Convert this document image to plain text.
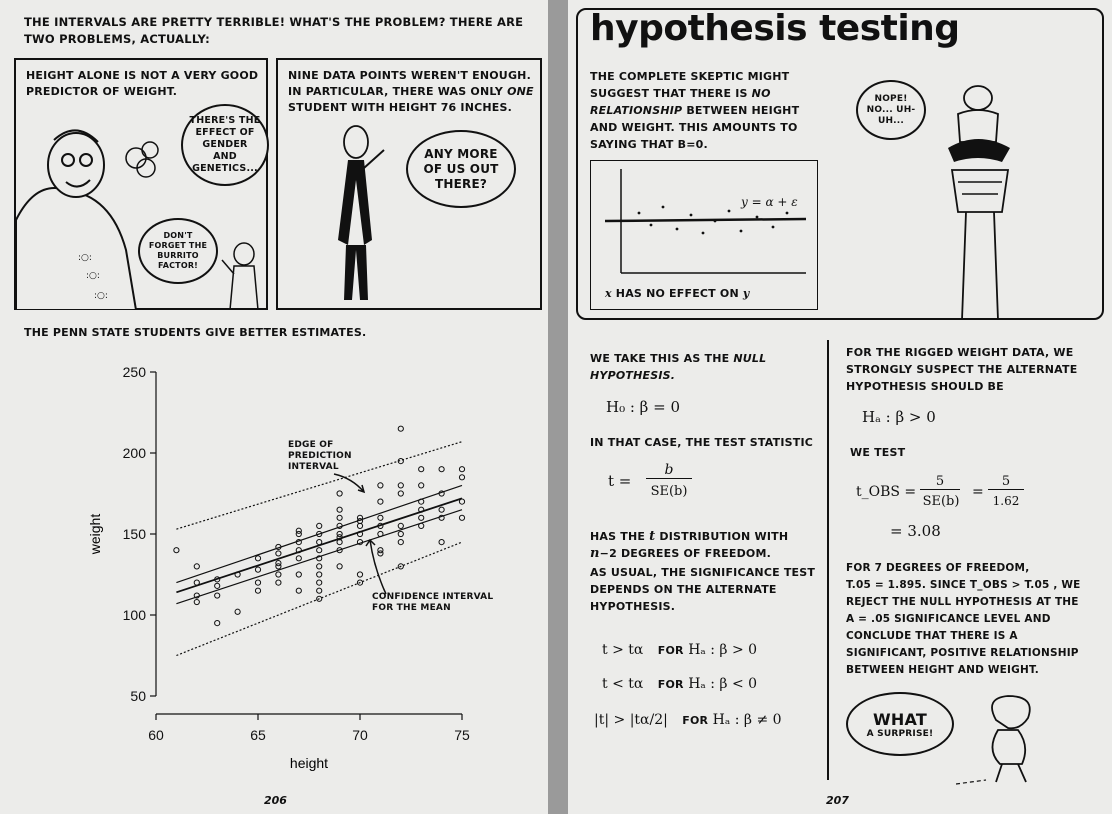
THE INTERVALS ARE PRETTY TERRIBLE! WHAT'S THE PROBLEM? THERE ARE TWO PROBLEMS, ACTUALLY:
HEIGHT ALONE IS NOT A VERY GOOD PREDICTOR OF WEIGHT.
:○:
:○:
:○:
THERE'S THE EFFECT OF GENDER AND GENETICS...
DON'T FORGET THE BURRITO FACTOR!
NINE DATA POINTS WEREN'T ENOUGH. IN PARTICULAR, THERE WAS ONLY ONE STUDENT WITH HEIGHT 76 INCHES.
ANY MORE OF US OUT THERE?
THE PENN STATE STUDENTS GIVE BETTER ESTIMATES.
50
100
150
200
250
60	65	70	75
height
weight
EDGE OF PREDICTION INTERVAL
CONFIDENCE INTERVAL FOR THE MEAN
206
hypothesis testing
THE COMPLETE SKEPTIC MIGHT SUGGEST THAT THERE IS NO RELATIONSHIP BETWEEN HEIGHT AND WEIGHT. THIS AMOUNTS TO SAYING THAT Β=0.
y = α + ε
x HAS NO EFFECT ON y
NOPE! NO... UH-UH...
WE TAKE THIS AS THE NULL HYPOTHESIS.
H₀ : β = 0
IN THAT CASE, THE TEST STATISTIC
t =
b
SE(b)
HAS THE t DISTRIBUTION WITH
n−2 DEGREES OF FREEDOM.
AS USUAL, THE SIGNIFICANCE TEST DEPENDS ON THE ALTERNATE HYPOTHESIS.
t > tα FOR Hₐ : β > 0
t < tα FOR Hₐ : β < 0
|t| > |tα/2| FOR Hₐ : β ≠ 0
FOR THE RIGGED WEIGHT DATA, WE STRONGLY SUSPECT THE ALTERNATE HYPOTHESIS SHOULD BE
Hₐ : β > 0
WE TEST
t_OBS =
5
SE(b)
=
5
1.62
= 3.08
FOR 7 DEGREES OF FREEDOM,
T.05 = 1.895. SINCE T_OBS > T.05 , WE
REJECT THE NULL HYPOTHESIS AT THE
Α = .05 SIGNIFICANCE LEVEL AND
CONCLUDE THAT THERE IS A
SIGNIFICANT, POSITIVE RELATIONSHIP
BETWEEN HEIGHT AND WEIGHT.
WHAT
A SURPRISE!
207
